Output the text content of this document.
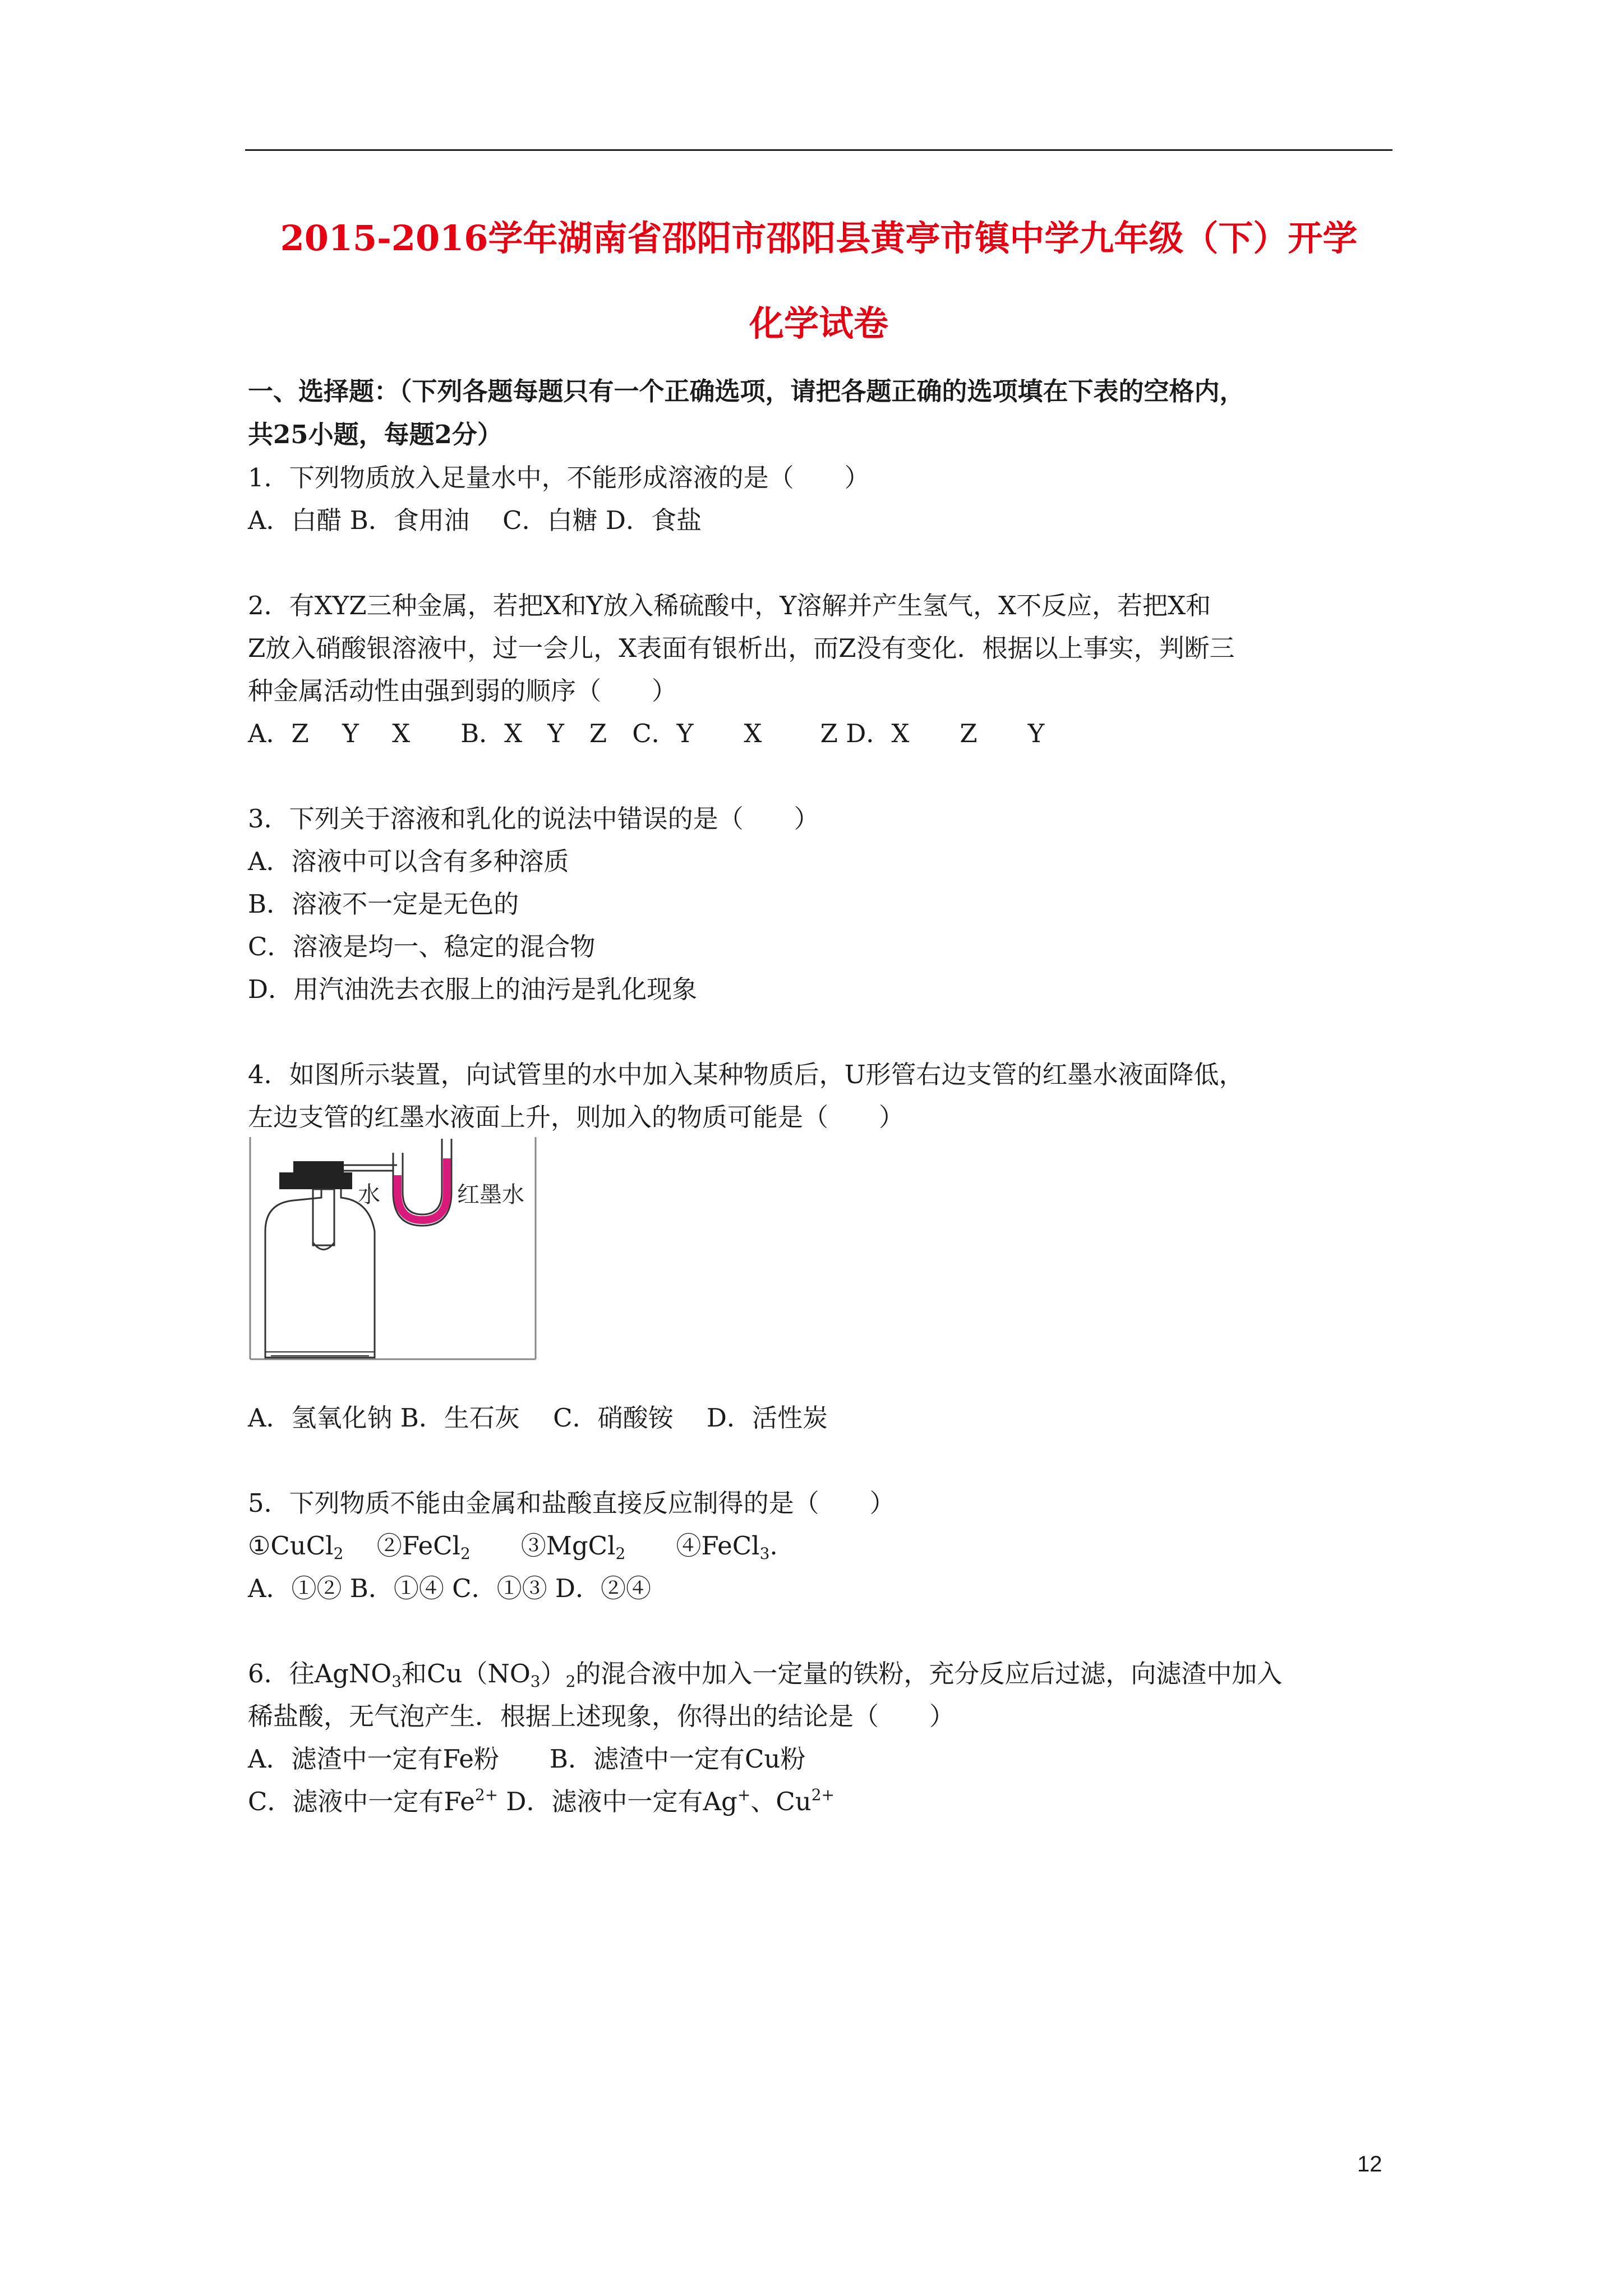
2015-2016学年湖南省邵阳市邵阳县黄亭市镇中学九年级（下）开学
化学试卷
一、选择题：（下列各题每题只有一个正确选项，请把各题正确的选项填在下表的空格内，
共25小题，每题2分）
1．下列物质放入足量水中，不能形成溶液的是（　　）
A．白醋 B．食用油　 C．白糖 D．食盐
2．有XYZ三种金属，若把X和Y放入稀硫酸中，Y溶解并产生氢气，X不反应，若把X和
Z放入硝酸银溶液中，过一会儿，X表面有银析出，而Z没有变化．根据以上事实，判断三
种金属活动性由强到弱的顺序（　　）
A．Z　 Y　 X　　B．X　Y　Z　C．Y　　X　　 Z D．X　　Z　　Y
3．下列关于溶液和乳化的说法中错误的是（　　）
A．溶液中可以含有多种溶质
B．溶液不一定是无色的
C．溶液是均一、稳定的混合物
D．用汽油洗去衣服上的油污是乳化现象
4．如图所示装置，向试管里的水中加入某种物质后，U形管右边支管的红墨水液面降低，
左边支管的红墨水液面上升，则加入的物质可能是（　　）
水	红墨水
A．氢氧化钠 B．生石灰　 C．硝酸铵　 D．活性炭
5．下列物质不能由金属和盐酸直接反应制得的是（　　）
①CuCl$_2$　 ②FeCl$_2$　　 ③MgCl$_2$　　 ④FeCl$_3$.
A．①② B．①④ C．①③ D．②④
6．往AgNO$_3$和$Cu(NO_3)_2$的混合液中加入一定量的铁粉，充分反应后过滤，向滤渣中加入
稀盐酸，无气泡产生．根据上述现象，你得出的结论是（　　）
A．滤渣中一定有Fe粉　　B．滤渣中一定有Cu粉
C．滤液中一定有$Fe^{2+}$ D．滤液中一定有Ag+、$Cu^{2+}$
12
